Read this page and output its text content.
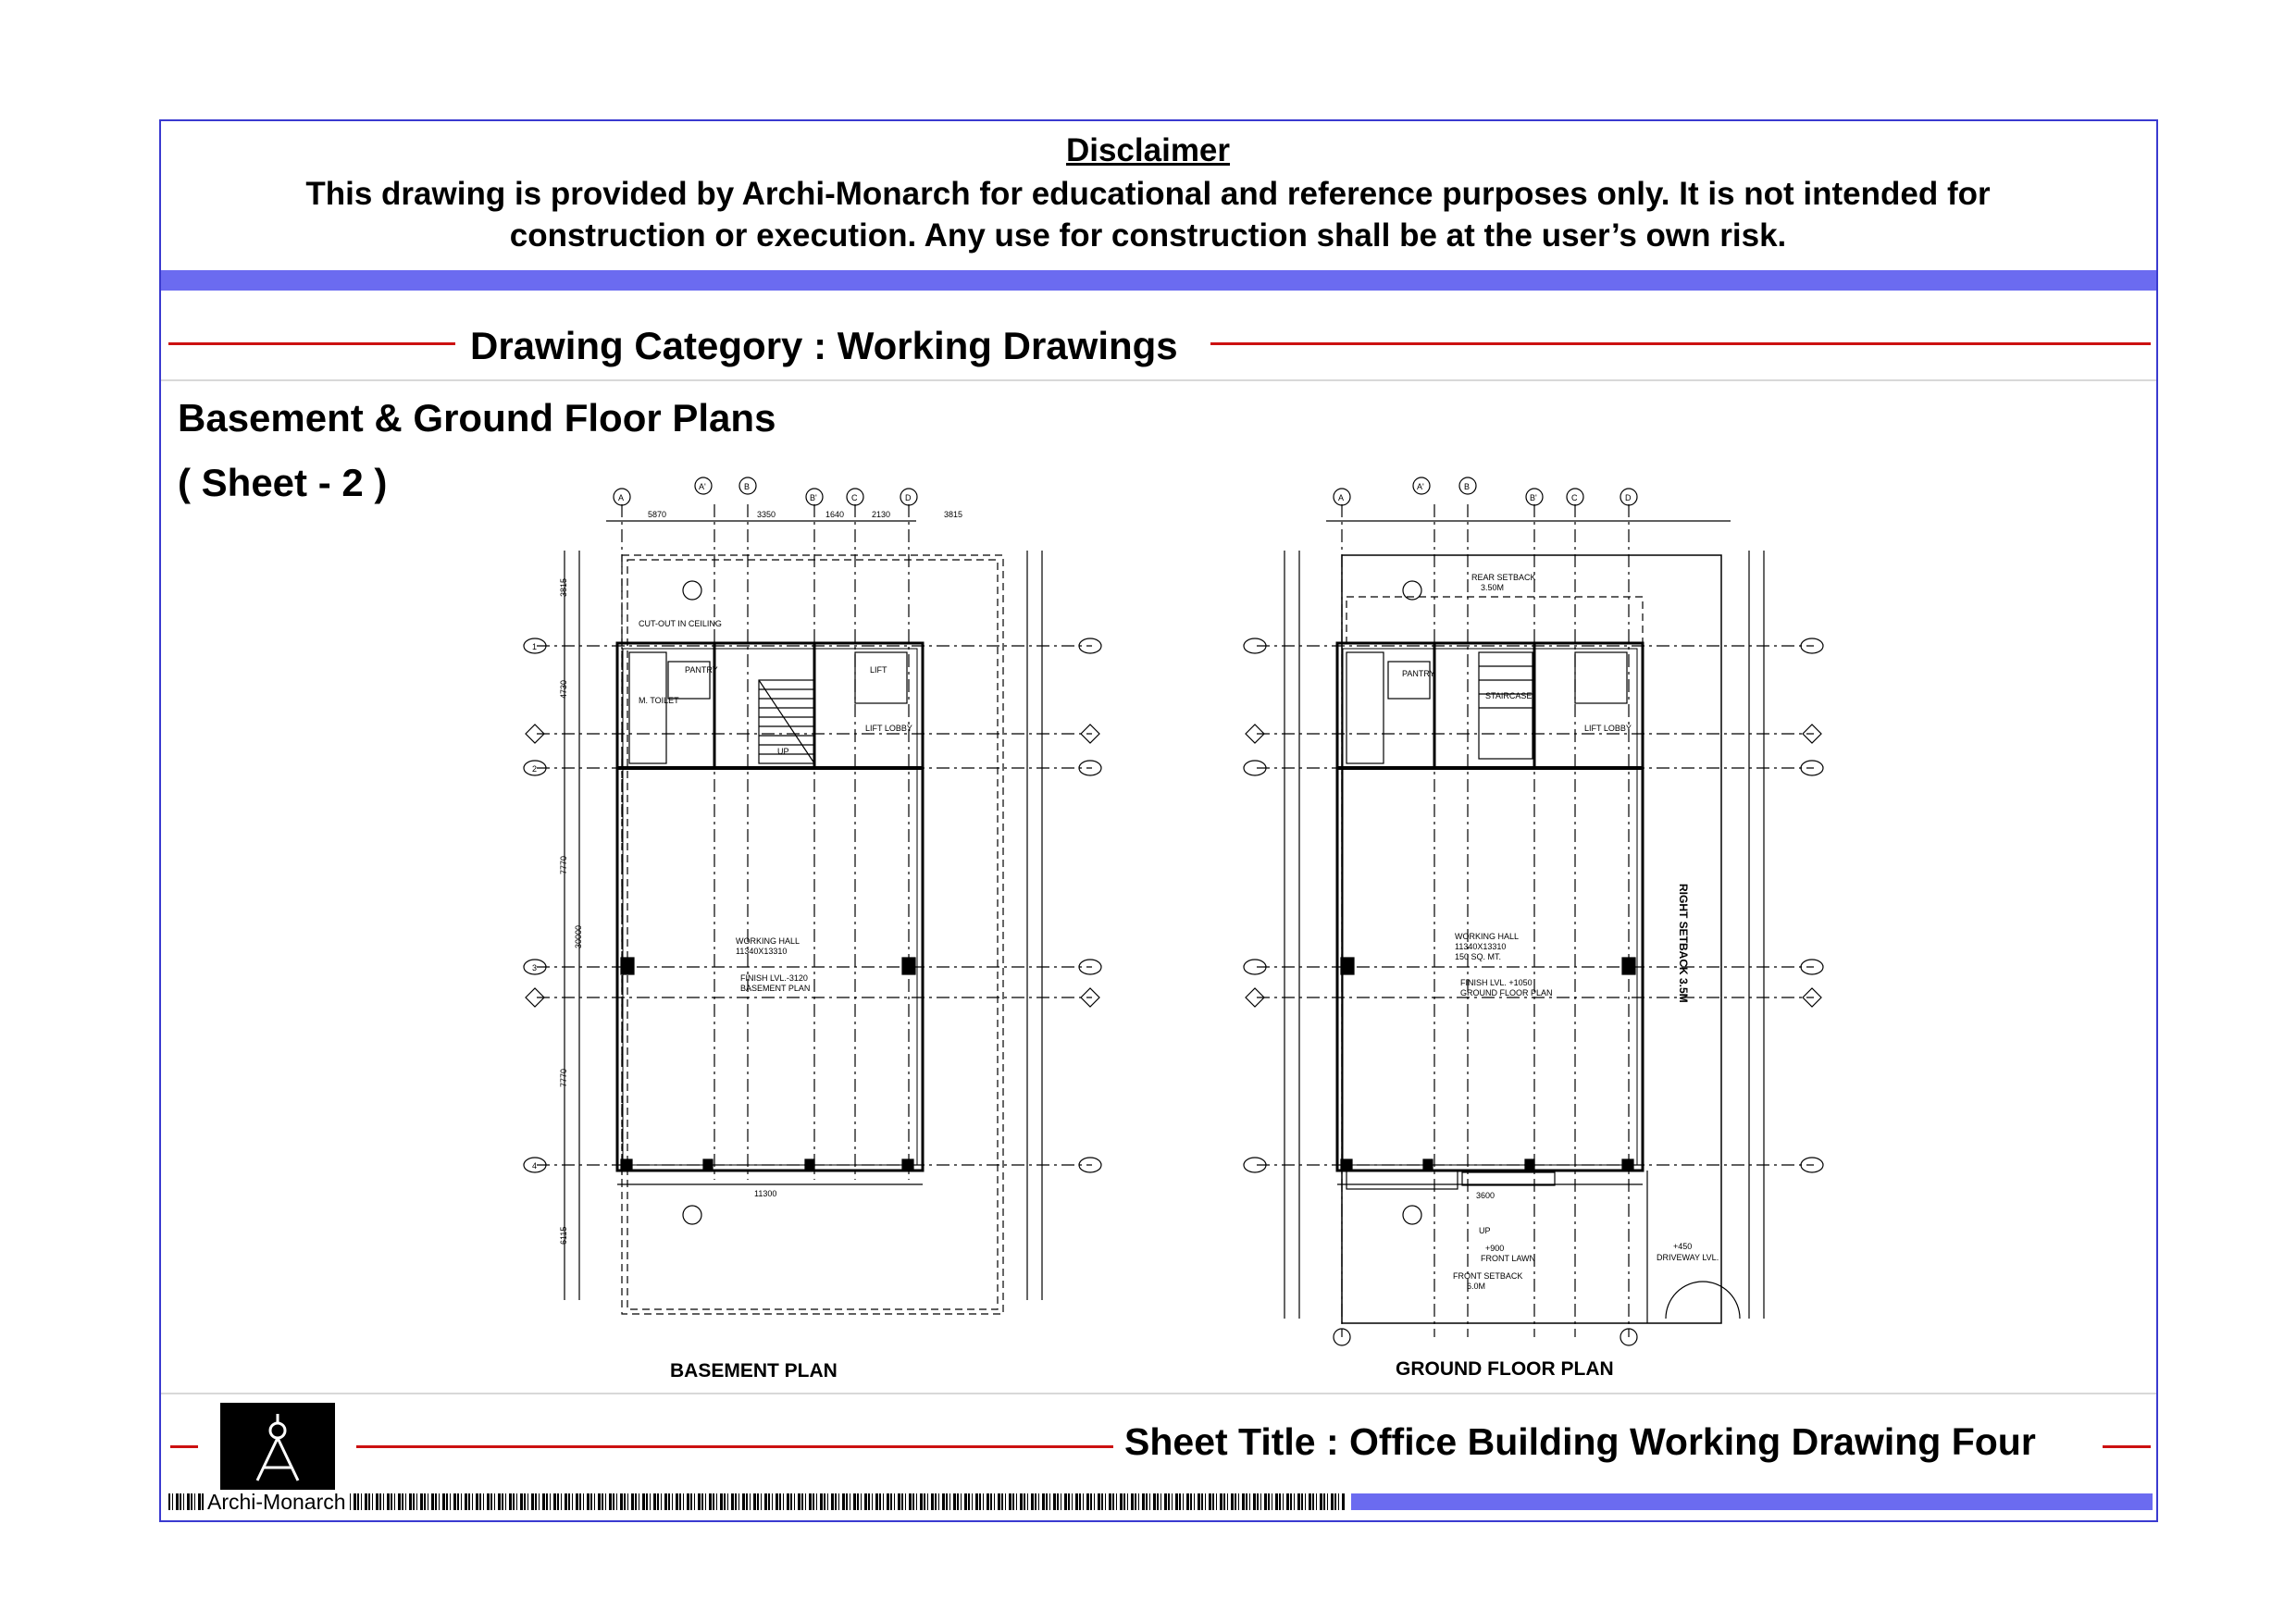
Disclaimer
This drawing is provided by Archi-Monarch for educational and reference purposes only. It is not intended for construction or execution. Any use for construction shall be at the user’s own risk.
Drawing Category : Working Drawings
Basement & Ground Floor Plans
( Sheet - 2 )	A
A'	B
B'	C	D
1
2
3
4
5870	3350	1640	2130	3815
3815
4730
7770
7770
6115
30000	WORKING HALL
11340X13310
FINISH LVL.-3120
BASEMENT PLAN
11300
UP
PANTRY
M. TOILET
LIFT
LIFT LOBBY
CUT-OUT IN CEILING
A
A'	B
B'	C	D
WORKING HALL
11340X13310
150 SQ. MT.
FINISH LVL. +1050
GROUND FLOOR PLAN
REAR SETBACK
3.50M
RIGHT SETBACK 3.5M
FRONT SETBACK
6.0M
+900
FRONT LAWN
+450
DRIVEWAY LVL.
UP
STAIRCASE
PANTRY
LIFT LOBBY
3600
BASEMENT PLAN	GROUND FLOOR PLAN
Sheet Title : Office Building Working Drawing Four
Archi-Monarch
